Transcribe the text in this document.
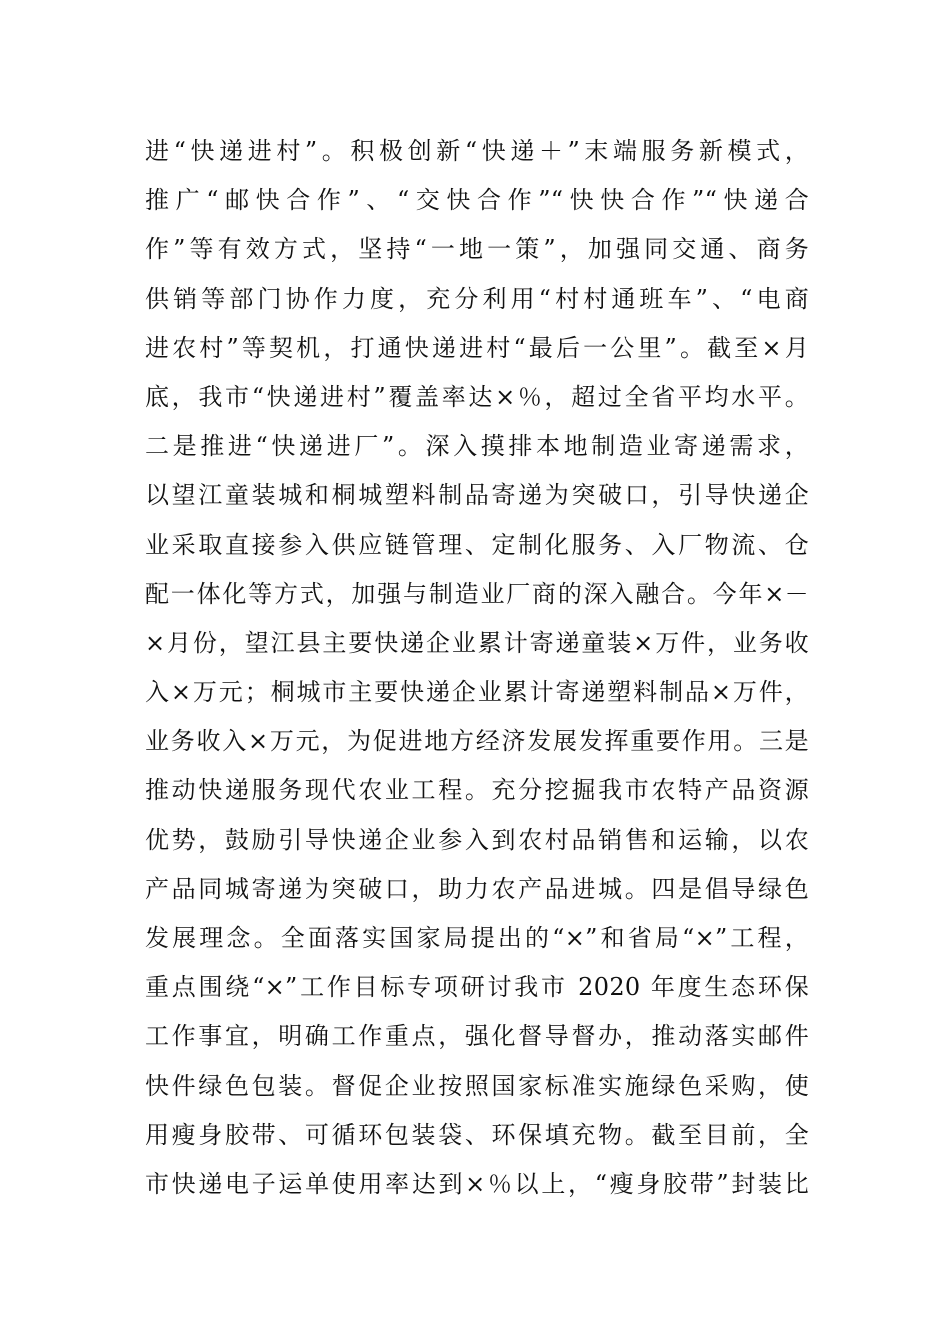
进“快递进村”。积极创新“快递＋”末端服务新模式，
推广“邮快合作”、“交快合作”“快快合作”“快递合
作”等有效方式，坚持“一地一策”，加强同交通、商务
供销等部门协作力度，充分利用“村村通班车”、“电商
进农村”等契机，打通快递进村“最后一公里”。截至×月
底，我市“快递进村”覆盖率达×％，超过全省平均水平。
二是推进“快递进厂”。深入摸排本地制造业寄递需求，
以望江童装城和桐城塑料制品寄递为突破口，引导快递企
业采取直接参入供应链管理、定制化服务、入厂物流、仓
配一体化等方式，加强与制造业厂商的深入融合。今年×－
×月份，望江县主要快递企业累计寄递童装×万件，业务收
入×万元；桐城市主要快递企业累计寄递塑料制品×万件，
业务收入×万元，为促进地方经济发展发挥重要作用。三是
推动快递服务现代农业工程。充分挖掘我市农特产品资源
优势，鼓励引导快递企业参入到农村品销售和运输，以农
产品同城寄递为突破口，助力农产品进城。四是倡导绿色
发展理念。全面落实国家局提出的“×”和省局“×”工程，
重点围绕“×”工作目标专项研讨我市 2020 年度生态环保
工作事宜，明确工作重点，强化督导督办，推动落实邮件
快件绿色包装。督促企业按照国家标准实施绿色采购，使
用瘦身胶带、可循环包装袋、环保填充物。截至目前，全
市快递电子运单使用率达到×％以上，“瘦身胶带”封装比
